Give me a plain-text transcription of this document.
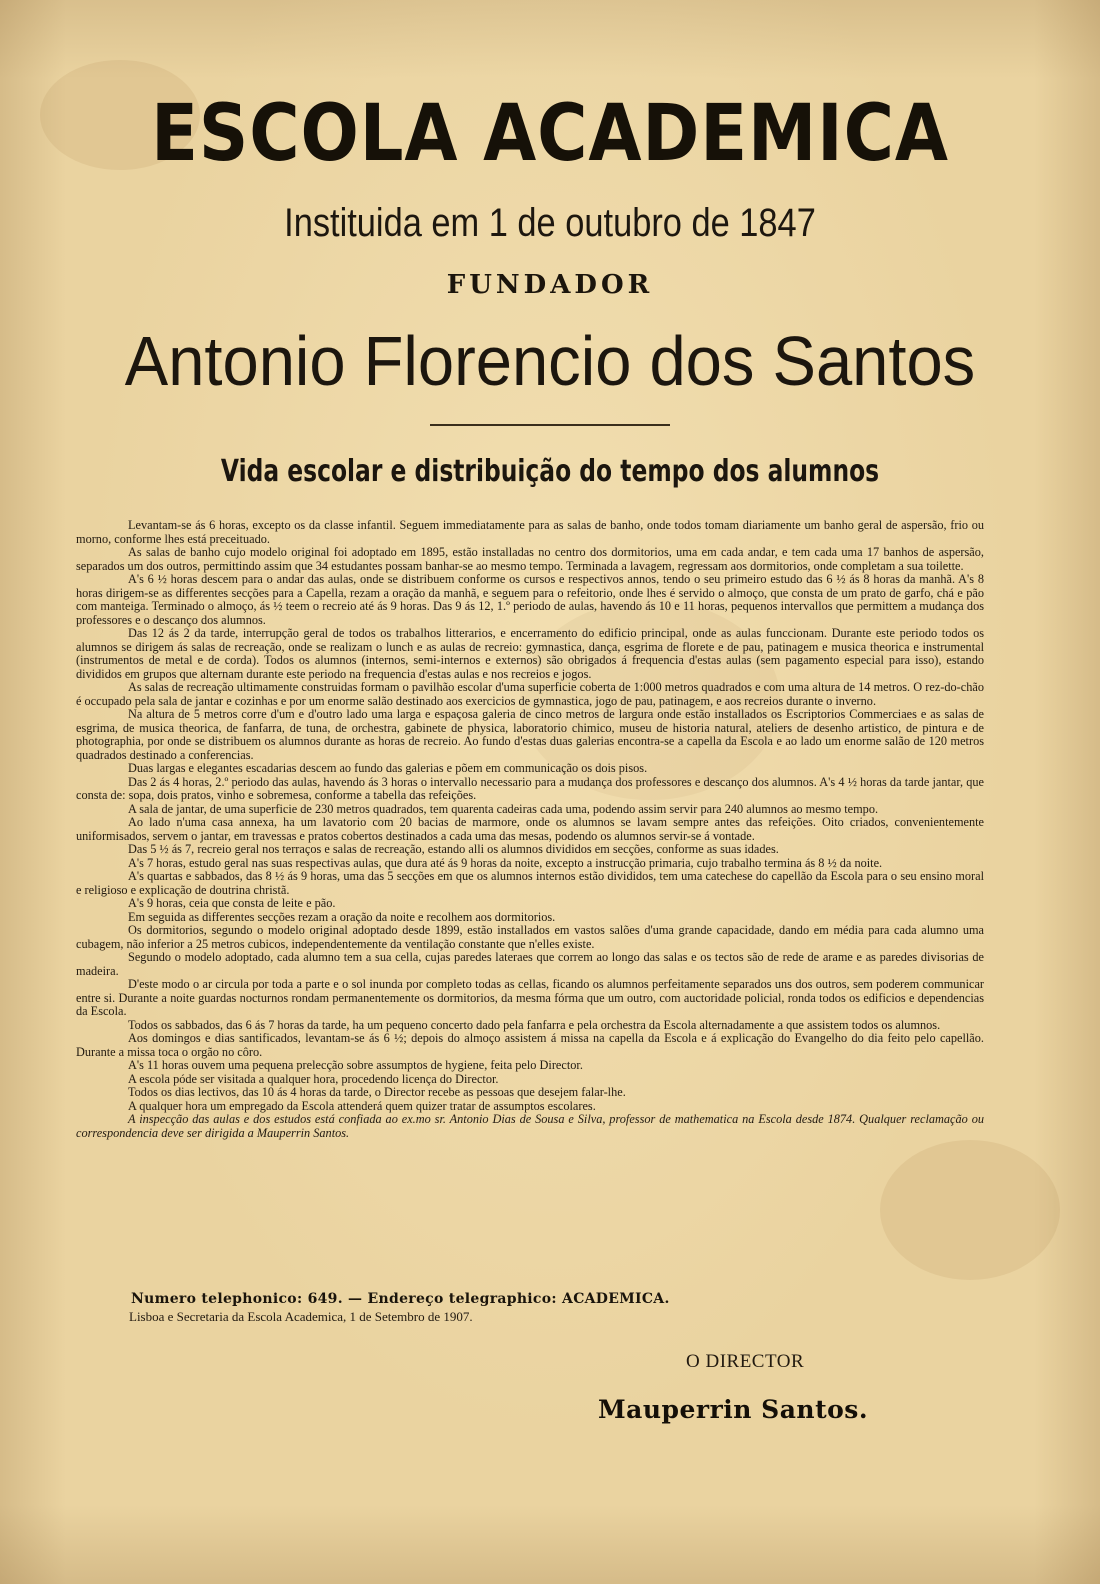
ESCOLA ACADEMICA
Instituida em 1 de outubro de 1847
FUNDADOR
Antonio Florencio dos Santos
Vida escolar e distribuição do tempo dos alumnos

Levantam-se ás 6 horas, excepto os da classe infantil. Seguem immediatamente para as salas de banho, onde todos tomam diariamente um banho geral de aspersão, frio ou morno, conforme lhes está preceituado.

As salas de banho cujo modelo original foi adoptado em 1895, estão installadas no centro dos dormitorios, uma em cada andar, e tem cada uma 17 banhos de aspersão, separados um dos outros, permittindo assim que 34 estudantes possam banhar-se ao mesmo tempo. Terminada a lavagem, regressam aos dormitorios, onde completam a sua toilette.

A's 6 ½ horas descem para o andar das aulas, onde se distribuem conforme os cursos e respectivos annos, tendo o seu primeiro estudo das 6 ½ ás 8 horas da manhã. A's 8 horas dirigem-se as differentes secções para a Capella, rezam a oração da manhã, e seguem para o refeitorio, onde lhes é servido o almoço, que consta de um prato de garfo, chá e pão com manteiga. Terminado o almoço, ás ½ teem o recreio até ás 9 horas. Das 9 ás 12, 1.º periodo de aulas, havendo ás 10 e 11 horas, pequenos intervallos que permittem a mudança dos professores e o descanço dos alumnos.

Das 12 ás 2 da tarde, interrupção geral de todos os trabalhos litterarios, e encerramento do edificio principal, onde as aulas funccionam. Durante este periodo todos os alumnos se dirigem ás salas de recreação, onde se realizam o lunch e as aulas de recreio: gymnastica, dança, esgrima de florete e de pau, patinagem e musica theorica e instrumental (instrumentos de metal e de corda). Todos os alumnos (internos, semi-internos e externos) são obrigados á frequencia d'estas aulas (sem pagamento especial para isso), estando divididos em grupos que alternam durante este periodo na frequencia d'estas aulas e nos recreios e jogos.

As salas de recreação ultimamente construidas formam o pavilhão escolar d'uma superficie coberta de 1:000 metros quadrados e com uma altura de 14 metros. O rez-do-chão é occupado pela sala de jantar e cozinhas e por um enorme salão destinado aos exercicios de gymnastica, jogo de pau, patinagem, e aos recreios durante o inverno.

Na altura de 5 metros corre d'um e d'outro lado uma larga e espaçosa galeria de cinco metros de largura onde estão installados os Escriptorios Commerciaes e as salas de esgrima, de musica theorica, de fanfarra, de tuna, de orchestra, gabinete de physica, laboratorio chimico, museu de historia natural, ateliers de desenho artistico, de pintura e de photographia, por onde se distribuem os alumnos durante as horas de recreio. Ao fundo d'estas duas galerias encontra-se a capella da Escola e ao lado um enorme salão de 120 metros quadrados destinado a conferencias.

Duas largas e elegantes escadarias descem ao fundo das galerias e põem em communicação os dois pisos.

Das 2 ás 4 horas, 2.º periodo das aulas, havendo ás 3 horas o intervallo necessario para a mudança dos professores e descanço dos alumnos. A's 4 ½ horas da tarde jantar, que consta de: sopa, dois pratos, vinho e sobremesa, conforme a tabella das refeições.

A sala de jantar, de uma superficie de 230 metros quadrados, tem quarenta cadeiras cada uma, podendo assim servir para 240 alumnos ao mesmo tempo.

Ao lado n'uma casa annexa, ha um lavatorio com 20 bacias de marmore, onde os alumnos se lavam sempre antes das refeições. Oito criados, convenientemente uniformisados, servem o jantar, em travessas e pratos cobertos destinados a cada uma das mesas, podendo os alumnos servir-se á vontade.

Das 5 ½ ás 7, recreio geral nos terraços e salas de recreação, estando alli os alumnos divididos em secções, conforme as suas idades.

A's 7 horas, estudo geral nas suas respectivas aulas, que dura até ás 9 horas da noite, excepto a instrucção primaria, cujo trabalho termina ás 8 ½ da noite.

A's quartas e sabbados, das 8 ½ ás 9 horas, uma das 5 secções em que os alumnos internos estão divididos, tem uma catechese do capellão da Escola para o seu ensino moral e religioso e explicação de doutrina christã.

A's 9 horas, ceia que consta de leite e pão.

Em seguida as differentes secções rezam a oração da noite e recolhem aos dormitorios.

Os dormitorios, segundo o modelo original adoptado desde 1899, estão installados em vastos salões d'uma grande capacidade, dando em média para cada alumno uma cubagem, não inferior a 25 metros cubicos, independentemente da ventilação constante que n'elles existe.

Segundo o modelo adoptado, cada alumno tem a sua cella, cujas paredes lateraes que correm ao longo das salas e os tectos são de rede de arame e as paredes divisorias de madeira.

D'este modo o ar circula por toda a parte e o sol inunda por completo todas as cellas, ficando os alumnos perfeitamente separados uns dos outros, sem poderem communicar entre si. Durante a noite guardas nocturnos rondam permanentemente os dormitorios, da mesma fórma que um outro, com auctoridade policial, ronda todos os edificios e dependencias da Escola.

Todos os sabbados, das 6 ás 7 horas da tarde, ha um pequeno concerto dado pela fanfarra e pela orchestra da Escola alternadamente a que assistem todos os alumnos.

Aos domingos e dias santificados, levantam-se ás 6 ½; depois do almoço assistem á missa na capella da Escola e á explicação do Evangelho do dia feito pelo capellão. Durante a missa toca o orgão no côro.

A's 11 horas ouvem uma pequena prelecção sobre assumptos de hygiene, feita pelo Director.

A escola póde ser visitada a qualquer hora, procedendo licença do Director.

Todos os dias lectivos, das 10 ás 4 horas da tarde, o Director recebe as pessoas que desejem falar-lhe.

A qualquer hora um empregado da Escola attenderá quem quizer tratar de assumptos escolares.

A inspecção das aulas e dos estudos está confiada ao ex.mo sr. Antonio Dias de Sousa e Silva, professor de mathematica na Escola desde 1874. Qualquer reclamação ou correspondencia deve ser dirigida a Mauperrin Santos.

Numero telephonico: 649. — Endereço telegraphico: ACADEMICA.
Lisboa e Secretaria da Escola Academica, 1 de Setembro de 1907.
O DIRECTOR
Mauperrin Santos.
